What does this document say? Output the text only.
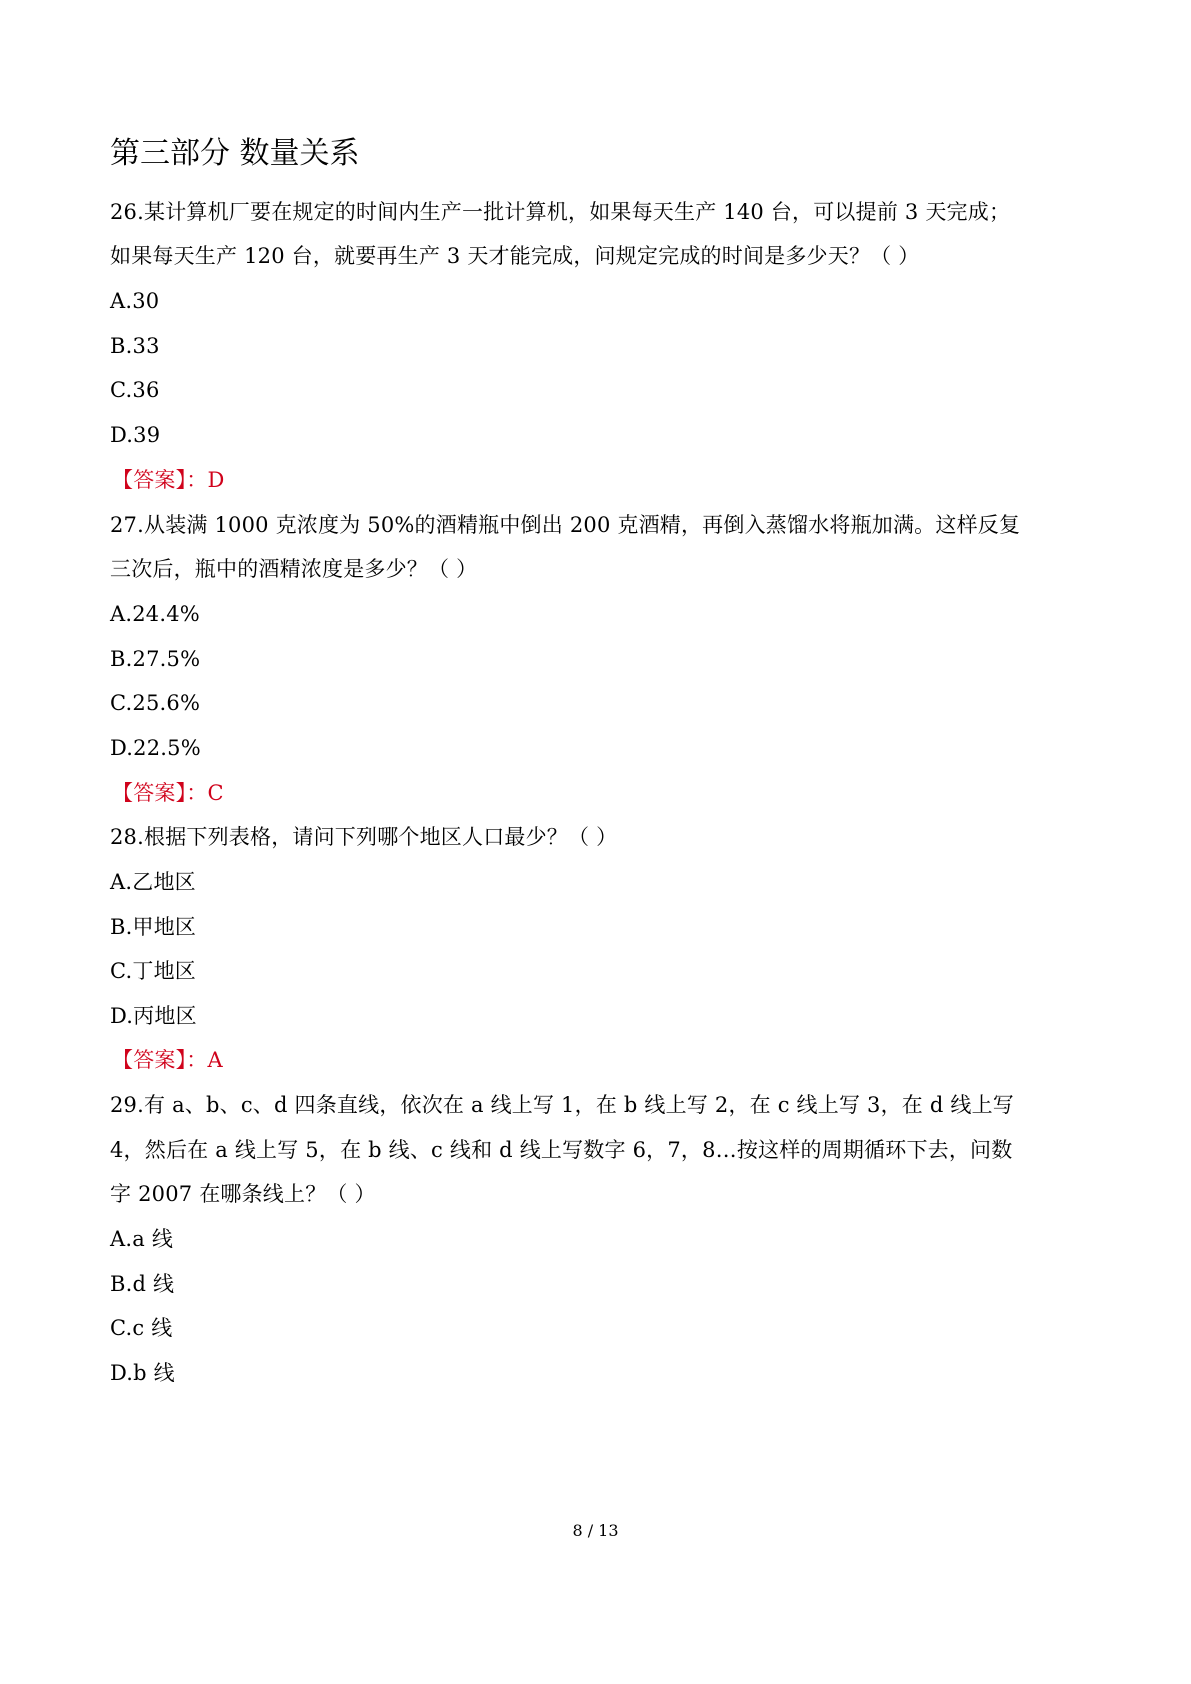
第三部分 数量关系
26.某计算机厂要在规定的时间内生产一批计算机，如果每天生产 140 台，可以提前 3 天完成；
如果每天生产 120 台，就要再生产 3 天才能完成，问规定完成的时间是多少天？（ ）
A.30
B.33
C.36
D.39
【答案】：D
27.从装满 1000 克浓度为 50%的酒精瓶中倒出 200 克酒精，再倒入蒸馏水将瓶加满。这样反复
三次后，瓶中的酒精浓度是多少？（ ）
A.24.4%
B.27.5%
C.25.6%
D.22.5%
【答案】：C
28.根据下列表格，请问下列哪个地区人口最少？（ ）
A.乙地区
B.甲地区
C.丁地区
D.丙地区
【答案】：A
29.有 a、b、c、d 四条直线，依次在 a 线上写 1，在 b 线上写 2，在 c 线上写 3，在 d 线上写
4，然后在 a 线上写 5，在 b 线、c 线和 d 线上写数字 6，7，8…按这样的周期循环下去，问数
字 2007 在哪条线上？（ ）
A.a 线
B.d 线
C.c 线
D.b 线
8 / 13
